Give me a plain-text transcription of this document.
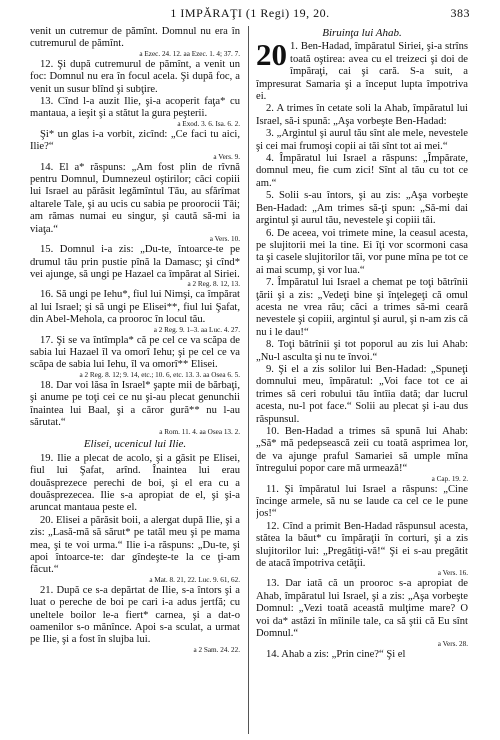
1 IMPĂRAŢI (1 Regi) 19, 20.	383

venit un cutremur de pămînt. Domnul nu era în cutremurul de pămînt.

a Ezec. 24. 12. aa Ezec. 1. 4; 37. 7.

12. Şi după cutremurul de pămînt, a venit un foc: Domnul nu era în focul acela. Şi după foc, a venit un susur blînd şi subţire.

13. Cînd l-a auzit Ilie, şi-a acoperit faţa* cu mantaua, a ieşit şi a stătut la gura peşterii.

a Exod. 3. 6. Isa. 6. 2.

Şi* un glas i-a vorbit, zicînd: „Ce faci tu aici, Ilie?“

a Vers. 9.

14. El a* răspuns: „Am fost plin de rîvnă pentru Domnul, Dumnezeul oştirilor; căci copiii lui Israel au părăsit legămîntul Tău, au sfărîmat altarele Tale, şi au ucis cu sabia pe proorocii Tăi; am rămas numai eu singur, şi caută să-mi ia viaţa.“

a Vers. 10.

15. Domnul i-a zis: „Du-te, întoarce-te pe drumul tău prin pustie pînă la Damasc; şi cînd* vei ajunge, să ungi pe Hazael ca împărat al Siriei.

a 2 Reg. 8. 12, 13.

16. Să ungi pe Iehu*, fiul lui Nimşi, ca împărat al lui Israel; şi să ungi pe Elisei**, fiul lui Şafat, din Abel-Mehola, ca prooroc în locul tău.

a 2 Reg. 9. 1–3. aa Luc. 4. 27.

17. Şi se va întîmpla* că pe cel ce va scăpa de sabia lui Hazael îl va omorî Iehu; şi pe cel ce va scăpa de sabia lui Iehu, îl va omorî** Elisei.

a 2 Reg. 8. 12; 9. 14, etc.; 10. 6, etc. 13. 3. aa Osea 6. 5.

18. Dar voi lăsa în Israel* şapte mii de bărbaţi, şi anume pe toţi cei ce nu şi-au plecat genunchii înaintea lui Baal, şi a căror gură** nu l-au sărutat.“

a Rom. 11. 4. aa Osea 13. 2.
Elisei, ucenicul lui Ilie.

19. Ilie a plecat de acolo, şi a găsit pe Elisei, fiul lui Şafat, arînd. Înaintea lui erau douăsprezece perechi de boi, şi el era cu a douăsprezecea. Ilie s-a apropiat de el, şi şi-a aruncat mantaua peste el.

20. Elisei a părăsit boii, a alergat după Ilie, şi a zis: „Lasă-mă să sărut* pe tatăl meu şi pe mama mea, şi te voi urma.“ Ilie i-a răspuns: „Du-te, şi apoi întoarce-te: dar gîndeşte-te la ce ţi-am făcut.“

a Mat. 8. 21, 22. Luc. 9. 61, 62.

21. După ce s-a depărtat de Ilie, s-a întors şi a luat o pereche de boi pe cari i-a adus jertfă; cu uneltele boilor le-a fiert* carnea, şi a dat-o oamenilor s-o mănînce. Apoi s-a sculat, a urmat pe Ilie, şi a fost în slujba lui.

a 2 Sam. 24. 22.
Biruinţa lui Ahab.

20 1. Ben-Hadad, împăratul Siriei, şi-a strîns toată oştirea: avea cu el treizeci şi doi de împăraţi, cai şi cară. S-a suit, a împresurat Samaria şi a început lupta împotriva ei.

2. A trimes în cetate soli la Ahab, împăratul lui Israel, să-i spună: „Aşa vorbeşte Ben-Hadad:

3. „Argintul şi aurul tău sînt ale mele, nevestele şi cei mai frumoşi copii ai tăi sînt tot ai mei.“

4. Împăratul lui Israel a răspuns: „Împărate, domnul meu, fie cum zici! Sînt al tău cu tot ce am.“

5. Solii s-au întors, şi au zis: „Aşa vorbeşte Ben-Hadad: „Am trimes să-ţi spun: „Să-mi dai argintul şi aurul tău, nevestele şi copiii tăi.

6. De aceea, voi trimete mine, la ceasul acesta, pe slujitorii mei la tine. Ei îţi vor scormoni casa ta şi casele slujitorilor tăi, vor pune mîna pe tot ce ai mai scump, şi vor lua.“

7. Împăratul lui Israel a chemat pe toţi bătrînii ţării şi a zis: „Vedeţi bine şi înţelegeţi că omul acesta ne vrea rău; căci a trimes să-mi ceară nevestele şi copiii, argintul şi aurul, şi n-am zis că nu i le dau!“

8. Toţi bătrînii şi tot poporul au zis lui Ahab: „Nu-l asculta şi nu te învoi.“

9. Şi el a zis solilor lui Ben-Hadad: „Spuneţi domnului meu, împăratul: „Voi face tot ce ai trimes să ceri robului tău întîia dată; dar lucrul acesta, nu-l pot face.“ Solii au plecat şi i-au dus răspunsul.

10. Ben-Hadad a trimes să spună lui Ahab: „Să* mă pedepsească zeii cu toată asprimea lor, de va ajunge praful Samariei să umple mîna întregului popor care mă urmează!“

a Cap. 19. 2.

11. Şi împăratul lui Israel a răspuns: „Cine încinge armele, să nu se laude ca cel ce le pune jos!“

12. Cînd a primit Ben-Hadad răspunsul acesta, stătea la băut* cu împăraţii în corturi, şi a zis slujitorilor lui: „Pregătiţi-vă!“ Şi ei s-au pregătit de atacă împotriva cetăţii.

a Vers. 16.

13. Dar iată că un prooroc s-a apropiat de Ahab, împăratul lui Israel, şi a zis: „Aşa vorbeşte Domnul: „Vezi toată această mulţime mare? O voi da* astăzi în mîinile tale, ca să ştii că Eu sînt Domnul.“

a Vers. 28.

14. Ahab a zis: „Prin cine?“ Şi el
